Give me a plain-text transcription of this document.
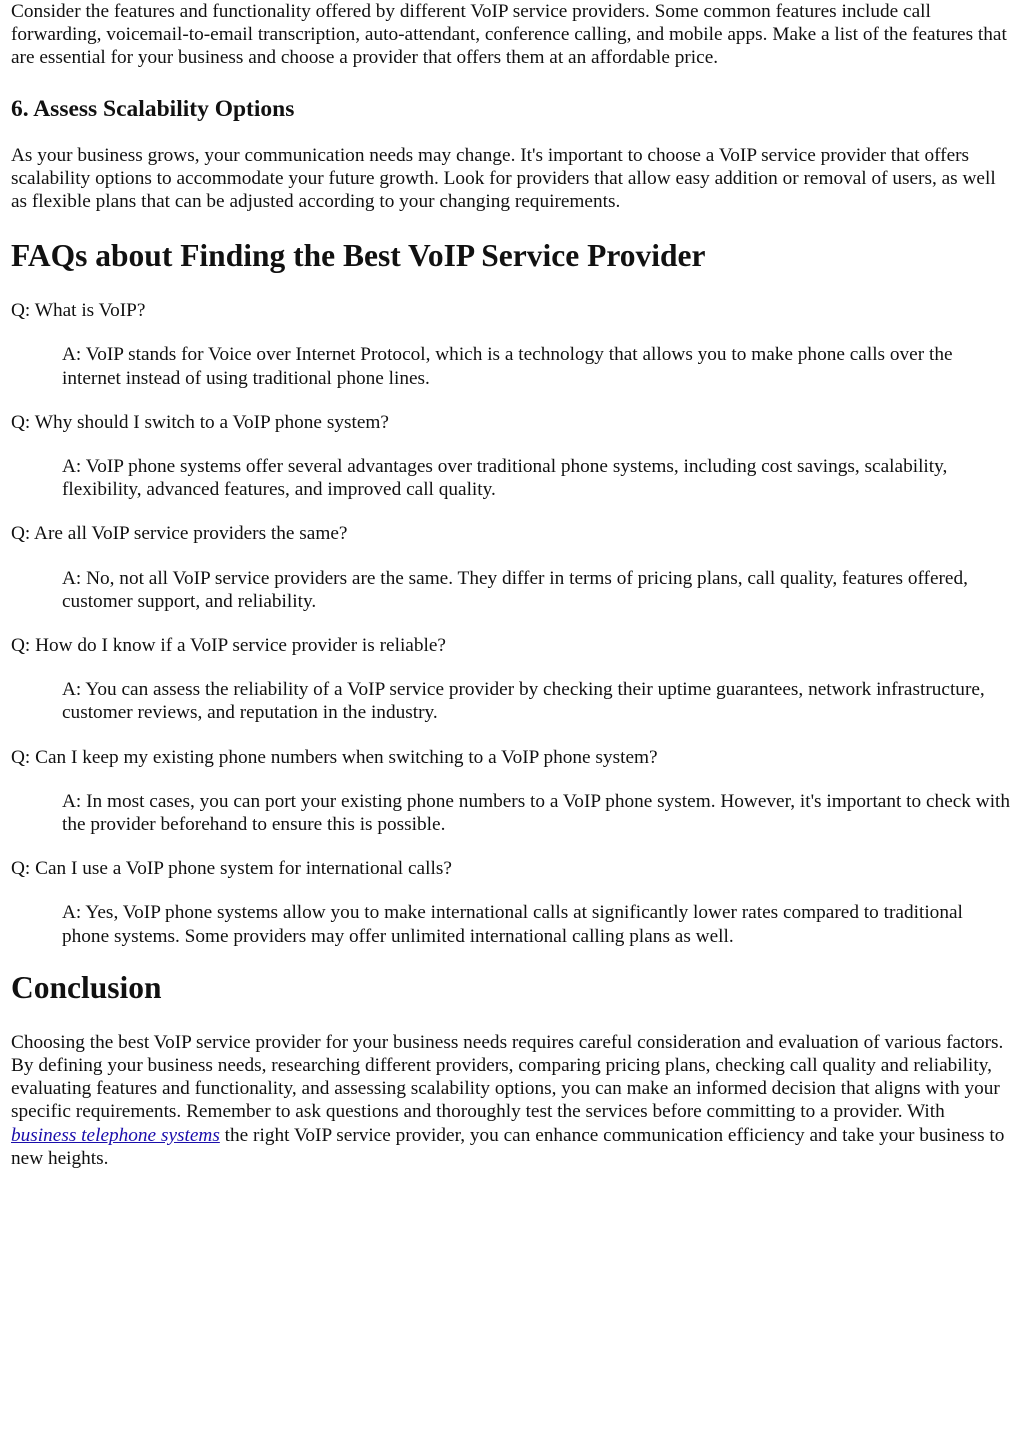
Consider the features and functionality offered by different VoIP service providers. Some common features include call forwarding, voicemail-to-email transcription, auto-attendant, conference calling, and mobile apps. Make a list of the features that are essential for your business and choose a provider that offers them at an affordable price.

6. Assess Scalability Options

As your business grows, your communication needs may change. It's important to choose a VoIP service provider that offers scalability options to accommodate your future growth. Look for providers that allow easy addition or removal of users, as well as flexible plans that can be adjusted according to your changing requirements.

FAQs about Finding the Best VoIP Service Provider

Q: What is VoIP?

A: VoIP stands for Voice over Internet Protocol, which is a technology that allows you to make phone calls over the internet instead of using traditional phone lines.

Q: Why should I switch to a VoIP phone system?

A: VoIP phone systems offer several advantages over traditional phone systems, including cost savings, scalability, flexibility, advanced features, and improved call quality.

Q: Are all VoIP service providers the same?

A: No, not all VoIP service providers are the same. They differ in terms of pricing plans, call quality, features offered, customer support, and reliability.

Q: How do I know if a VoIP service provider is reliable?

A: You can assess the reliability of a VoIP service provider by checking their uptime guarantees, network infrastructure, customer reviews, and reputation in the industry.

Q: Can I keep my existing phone numbers when switching to a VoIP phone system?

A: In most cases, you can port your existing phone numbers to a VoIP phone system. However, it's important to check with the provider beforehand to ensure this is possible.

Q: Can I use a VoIP phone system for international calls?

A: Yes, VoIP phone systems allow you to make international calls at significantly lower rates compared to traditional phone systems. Some providers may offer unlimited international calling plans as well.

Conclusion

Choosing the best VoIP service provider for your business needs requires careful consideration and evaluation of various factors. By defining your business needs, researching different providers, comparing pricing plans, checking call quality and reliability, evaluating features and functionality, and assessing scalability options, you can make an informed decision that aligns with your specific requirements. Remember to ask questions and thoroughly test the services before committing to a provider. With business telephone systems the right VoIP service provider, you can enhance communication efficiency and take your business to new heights.
